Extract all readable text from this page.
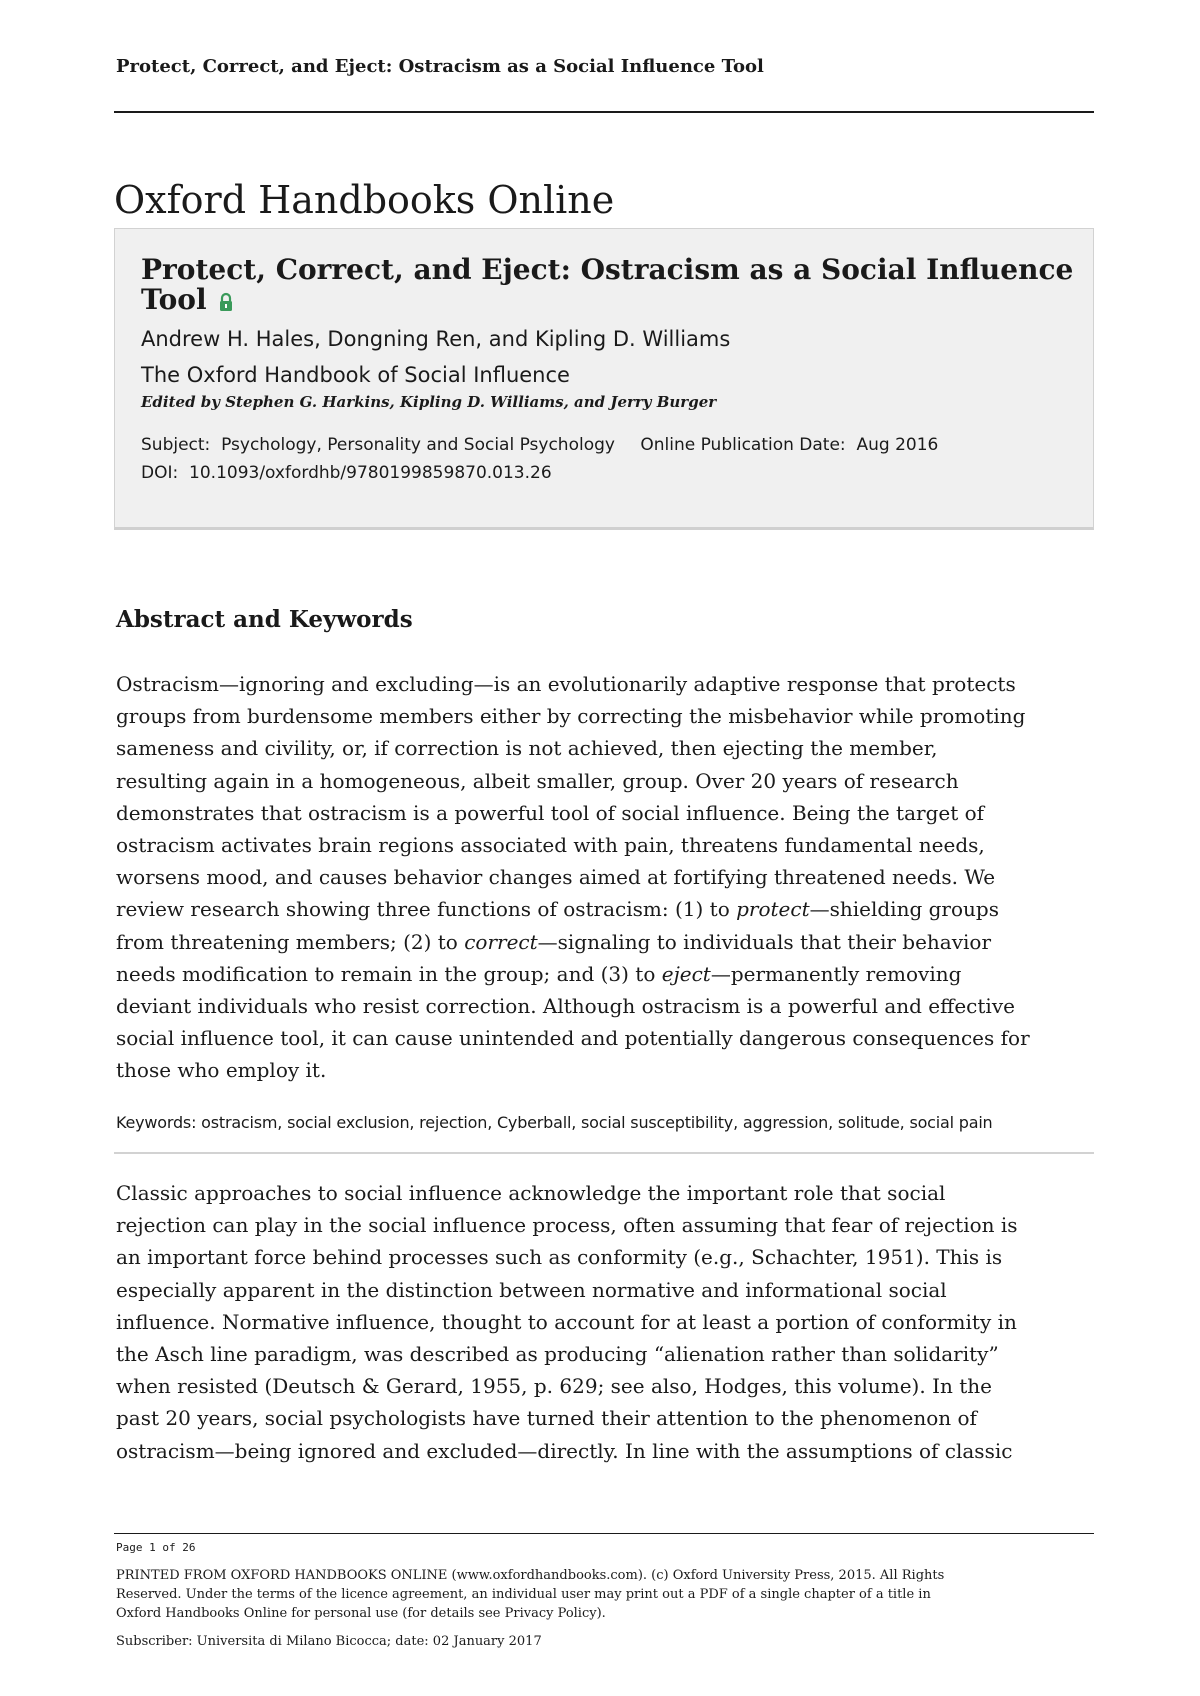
Protect, Correct, and Eject: Ostracism as a Social Influence Tool
Oxford Handbooks Online
Protect, Correct, and Eject: Ostracism as a Social Influence
Tool
Andrew H. Hales, Dongning Ren, and Kipling D. Williams
The Oxford Handbook of Social Influence
Edited by Stephen G. Harkins, Kipling D. Williams, and Jerry Burger
Subject: Psychology, Personality and Social Psychology Online Publication Date: Aug 2016
DOI: 10.1093/oxfordhb/9780199859870.013.26
Abstract and Keywords
Ostracism—ignoring and excluding—is an evolutionarily adaptive response that protects
groups from burdensome members either by correcting the misbehavior while promoting
sameness and civility, or, if correction is not achieved, then ejecting the member,
resulting again in a homogeneous, albeit smaller, group. Over 20 years of research
demonstrates that ostracism is a powerful tool of social influence. Being the target of
ostracism activates brain regions associated with pain, threatens fundamental needs,
worsens mood, and causes behavior changes aimed at fortifying threatened needs. We
review research showing three functions of ostracism: (1) to protect—shielding groups
from threatening members; (2) to correct—signaling to individuals that their behavior
needs modification to remain in the group; and (3) to eject—permanently removing
deviant individuals who resist correction. Although ostracism is a powerful and effective
social influence tool, it can cause unintended and potentially dangerous consequences for
those who employ it.
Keywords: ostracism, social exclusion, rejection, Cyberball, social susceptibility, aggression, solitude, social pain
Classic approaches to social influence acknowledge the important role that social
rejection can play in the social influence process, often assuming that fear of rejection is
an important force behind processes such as conformity (e.g., Schachter, 1951). This is
especially apparent in the distinction between normative and informational social
influence. Normative influence, thought to account for at least a portion of conformity in
the Asch line paradigm, was described as producing “alienation rather than solidarity”
when resisted (Deutsch & Gerard, 1955, p. 629; see also, Hodges, this volume). In the
past 20 years, social psychologists have turned their attention to the phenomenon of
ostracism—being ignored and excluded—directly. In line with the assumptions of classic
Page 1 of 26
PRINTED FROM OXFORD HANDBOOKS ONLINE (www.oxfordhandbooks.com). (c) Oxford University Press, 2015. All Rights
Reserved. Under the terms of the licence agreement, an individual user may print out a PDF of a single chapter of a title in
Oxford Handbooks Online for personal use (for details see Privacy Policy).
Subscriber: Universita di Milano Bicocca; date: 02 January 2017
